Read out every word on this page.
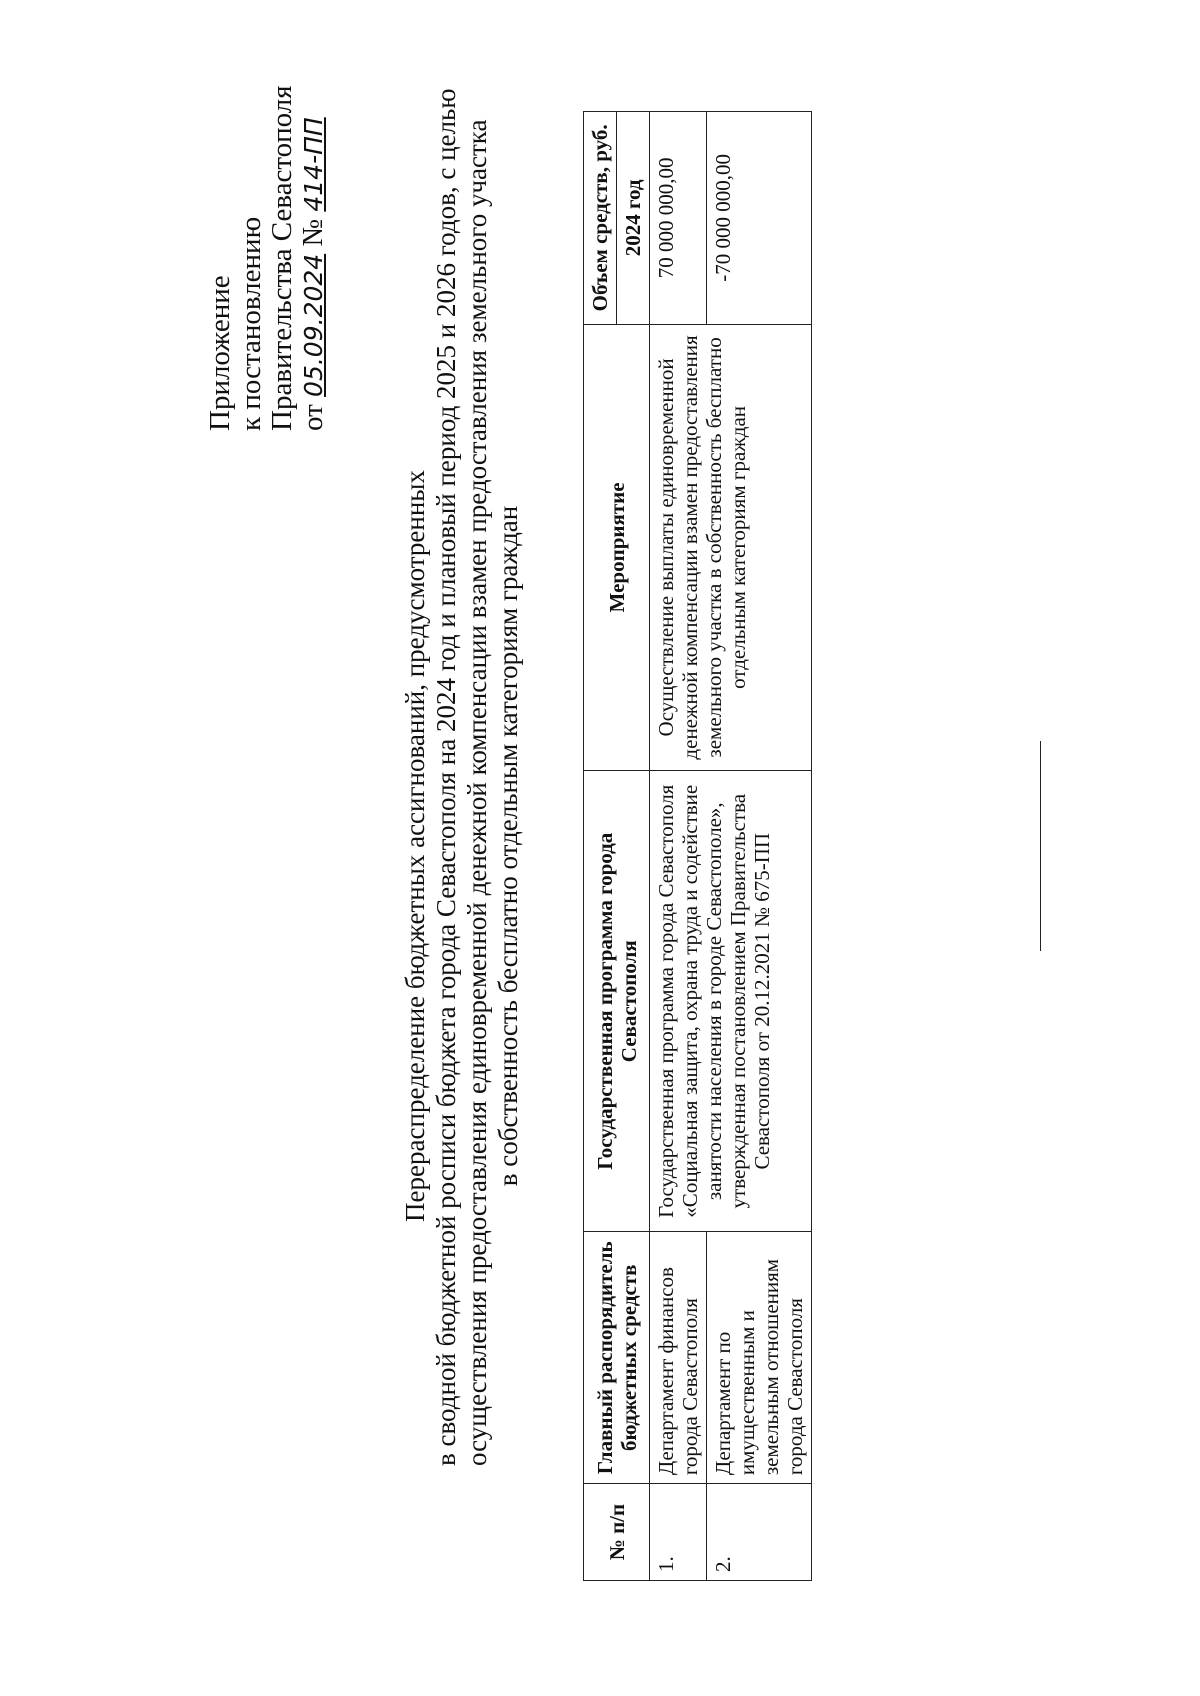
Приложение к постановлению Правительства Севастополя от 05.09.2024 № 414-ПП
Перераспределение бюджетных ассигнований, предусмотренных в сводной бюджетной росписи бюджета города Севастополя на 2024 год и плановый период 2025 и 2026 годов, с целью осуществления предоставления единовременной денежной компенсации взамен предоставления земельного участка в собственность бесплатно отдельным категориям граждан
№ п/п	Главный распорядитель бюджетных средств	Государственная программа города Севастополя	Мероприятие	Объем средств, руб.
				2024 год
1.	Департамент финансов города Севастополя	Государственная программа города Севастополя «Социальная защита, охрана труда и содействие занятости населения в городе Севастополе», утвержденная постановлением Правительства Севастополя от 20.12.2021 № 675-ПП	Осуществление выплаты единовременной денежной компенсации взамен предоставления земельного участка в собственность бесплатно отдельным категориям граждан	70 000 000,00
2.	Департамент по имущественным и земельным отношениям города Севастополя			-70 000 000,00
